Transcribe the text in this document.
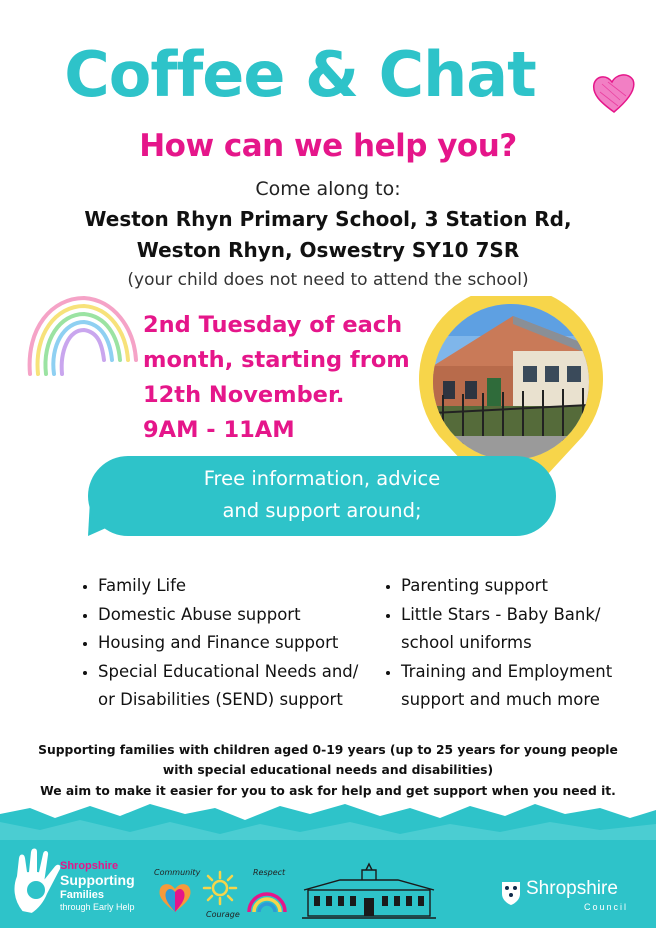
Coffee & Chat
How can we help you?
Come along to:
Weston Rhyn Primary School, 3 Station Rd,
Weston Rhyn, Oswestry SY10 7SR
(your child does not need to attend the school)
2nd Tuesday of each
month, starting from
12th November.
9AM - 11AM
Free information, advice
and support around;
• Family Life
• Domestic Abuse support
• Housing and Finance support
• Special Educational Needs and/ or Disabilities (SEND) support
• Parenting support
• Little Stars - Baby Bank/ school uniforms
• Training and Employment support and much more
Supporting families with children aged 0-19 years (up to 25 years for young people
with special educational needs and disabilities)
We aim to make it easier for you to ask for help and get support when you need it.
Shropshire
Supporting
Families
through Early Help
Community
Courage
Respect
Shropshire
Council
